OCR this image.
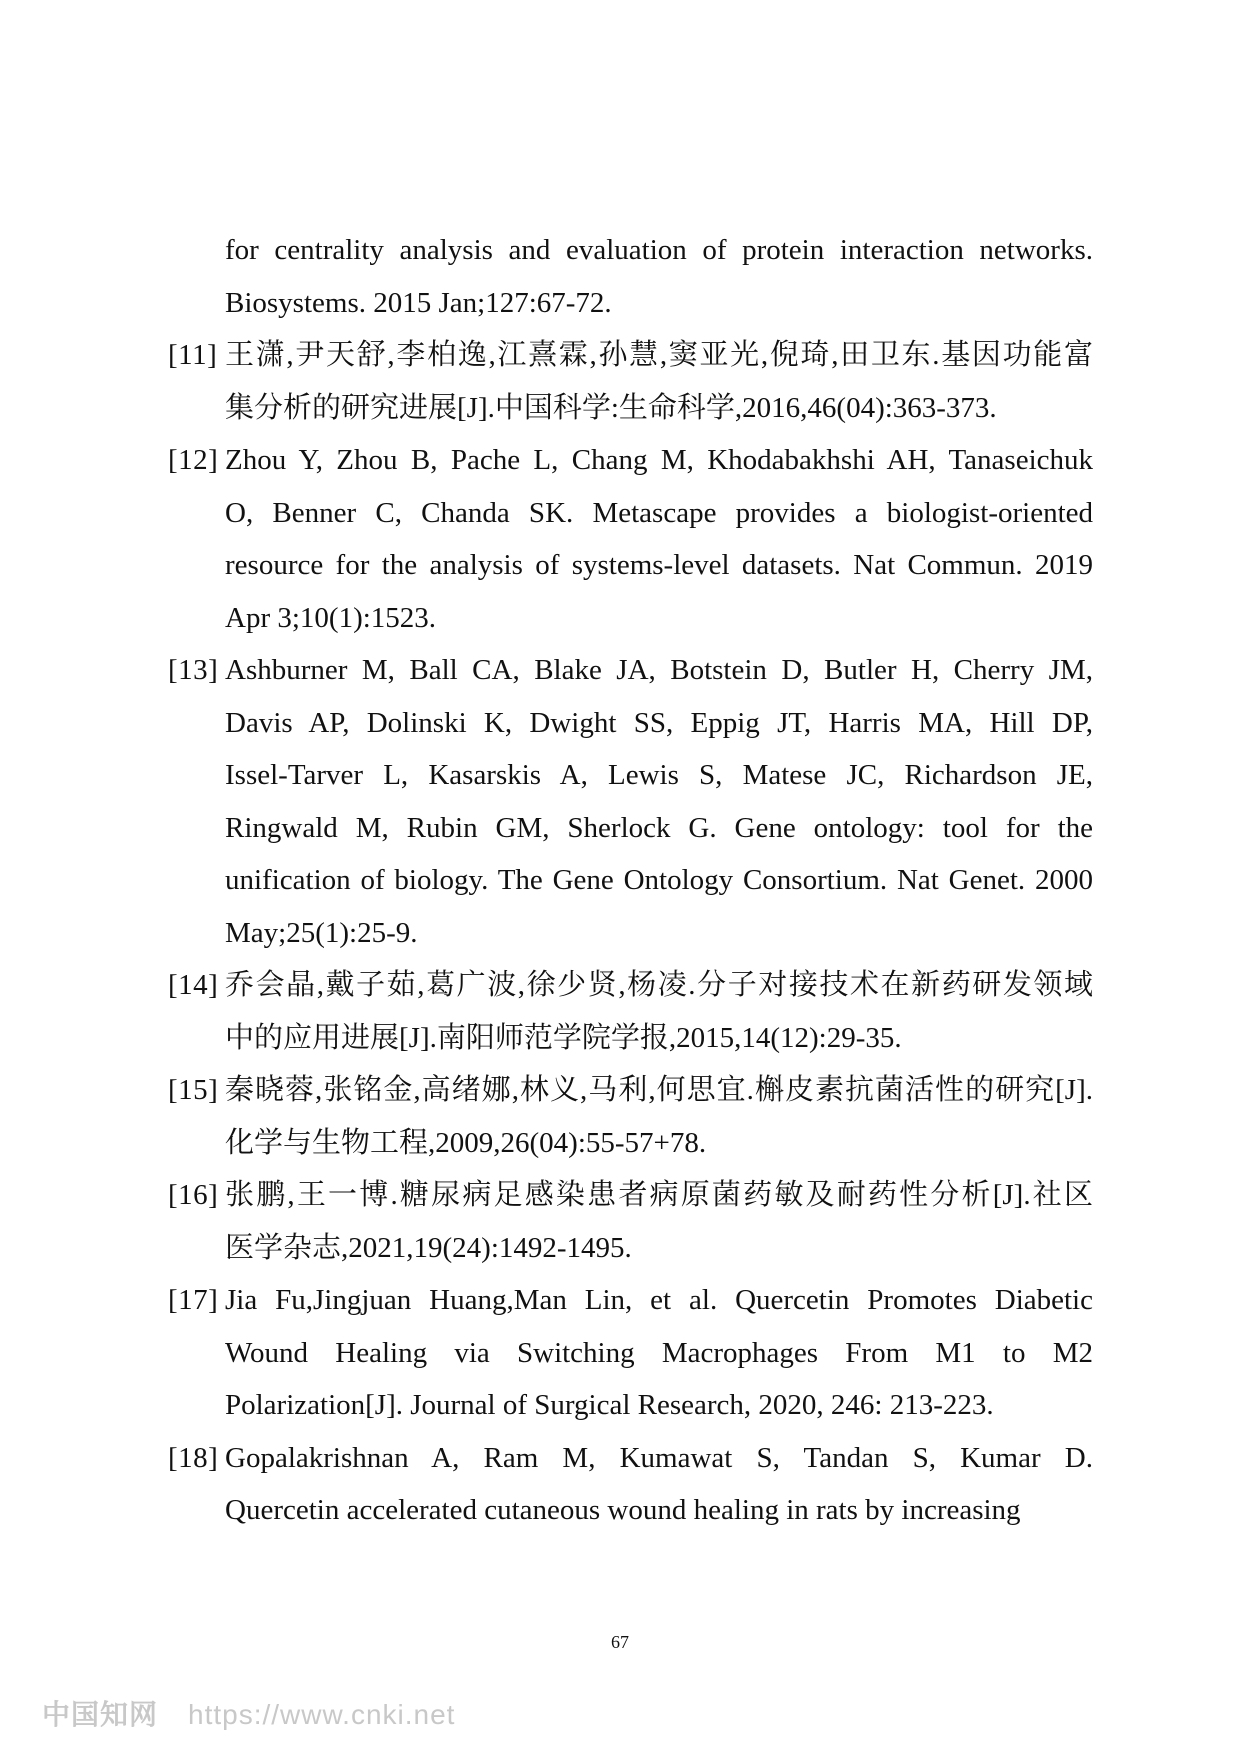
for centrality analysis and evaluation of protein interaction networks.
Biosystems. 2015 Jan;127:67-72.
[11] 王潇,尹天舒,李柏逸,江熹霖,孙慧,窦亚光,倪琦,田卫东.基因功能富
集分析的研究进展[J].中国科学:生命科学,2016,46(04):363-373.
[12] Zhou Y, Zhou B, Pache L, Chang M, Khodabakhshi AH, Tanaseichuk
O, Benner C, Chanda SK. Metascape provides a biologist-oriented
resource for the analysis of systems-level datasets. Nat Commun. 2019
Apr 3;10(1):1523.
[13] Ashburner M, Ball CA, Blake JA, Botstein D, Butler H, Cherry JM,
Davis AP, Dolinski K, Dwight SS, Eppig JT, Harris MA, Hill DP,
Issel-Tarver L, Kasarskis A, Lewis S, Matese JC, Richardson JE,
Ringwald M, Rubin GM, Sherlock G. Gene ontology: tool for the
unification of biology. The Gene Ontology Consortium. Nat Genet. 2000
May;25(1):25-9.
[14] 乔会晶,戴子茹,葛广波,徐少贤,杨凌.分子对接技术在新药研发领域
中的应用进展[J].南阳师范学院学报,2015,14(12):29-35.
[15] 秦晓蓉,张铭金,高绪娜,林义,马利,何思宜.槲皮素抗菌活性的研究[J].
化学与生物工程,2009,26(04):55-57+78.
[16] 张鹏,王一博.糖尿病足感染患者病原菌药敏及耐药性分析[J].社区
医学杂志,2021,19(24):1492-1495.
[17] Jia Fu,Jingjuan Huang,Man Lin, et al. Quercetin Promotes Diabetic
Wound Healing via Switching Macrophages From M1 to M2
Polarization[J]. Journal of Surgical Research, 2020, 246: 213-223.
[18] Gopalakrishnan A, Ram M, Kumawat S, Tandan S, Kumar D.
Quercetin accelerated cutaneous wound healing in rats by increasing
67
中国知网 https://www.cnki.net
